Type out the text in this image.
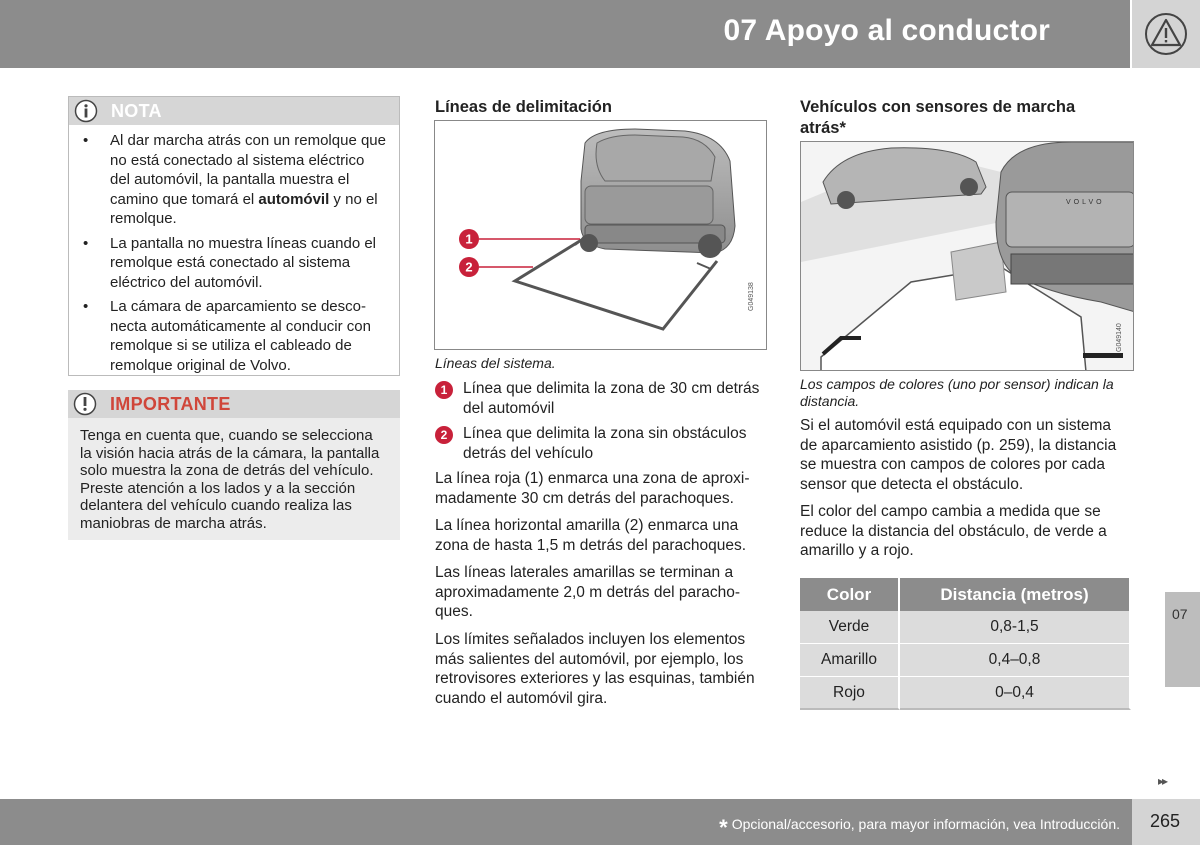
07 Apoyo al conductor
07
NOTA
• Al dar marcha atrás con un remolque que no está conectado al sistema eléctrico del automóvil, la pantalla muestra el camino que tomará el automóvil y no el remolque.
• La pantalla no muestra líneas cuando el remolque está conectado al sistema eléctrico del automóvil.
• La cámara de aparcamiento se desconecta automáticamente al conducir con remolque si se utiliza el cableado de remolque original de Volvo.
IMPORTANTE
Tenga en cuenta que, cuando se selecciona la visión hacia atrás de la cámara, la pantalla solo muestra la zona de detrás del vehículo. Preste atención a los lados y a la sección delantera del vehículo cuando realiza las maniobras de marcha atrás.
Líneas de delimitación
1
2
G049138
Líneas del sistema.
1	Línea que delimita la zona de 30 cm detrás del automóvil
2	Línea que delimita la zona sin obstáculos detrás del vehículo
La línea roja (1) enmarca una zona de aproximadamente 30 cm detrás del parachoques.
La línea horizontal amarilla (2) enmarca una zona de hasta 1,5 m detrás del parachoques.
Las líneas laterales amarillas se terminan a aproximadamente 2,0 m detrás del parachoques.
Los límites señalados incluyen los elementos más salientes del automóvil, por ejemplo, los retrovisores exteriores y las esquinas, también cuando el automóvil gira.
Vehículos con sensores de marcha atrás*
VOLVO
G049140
Los campos de colores (uno por sensor) indican la distancia.
Si el automóvil está equipado con un sistema de aparcamiento asistido (p. 259), la distancia se muestra con campos de colores por cada sensor que detecta el obstáculo.
El color del campo cambia a medida que se reduce la distancia del obstáculo, de verde a amarillo y a rojo.
Color	Distancia (metros)
Verde	0,8-1,5
Amarillo	0,4–0,8
Rojo	0–0,4
▸▸
* Opcional/accesorio, para mayor información, vea Introducción. 265
